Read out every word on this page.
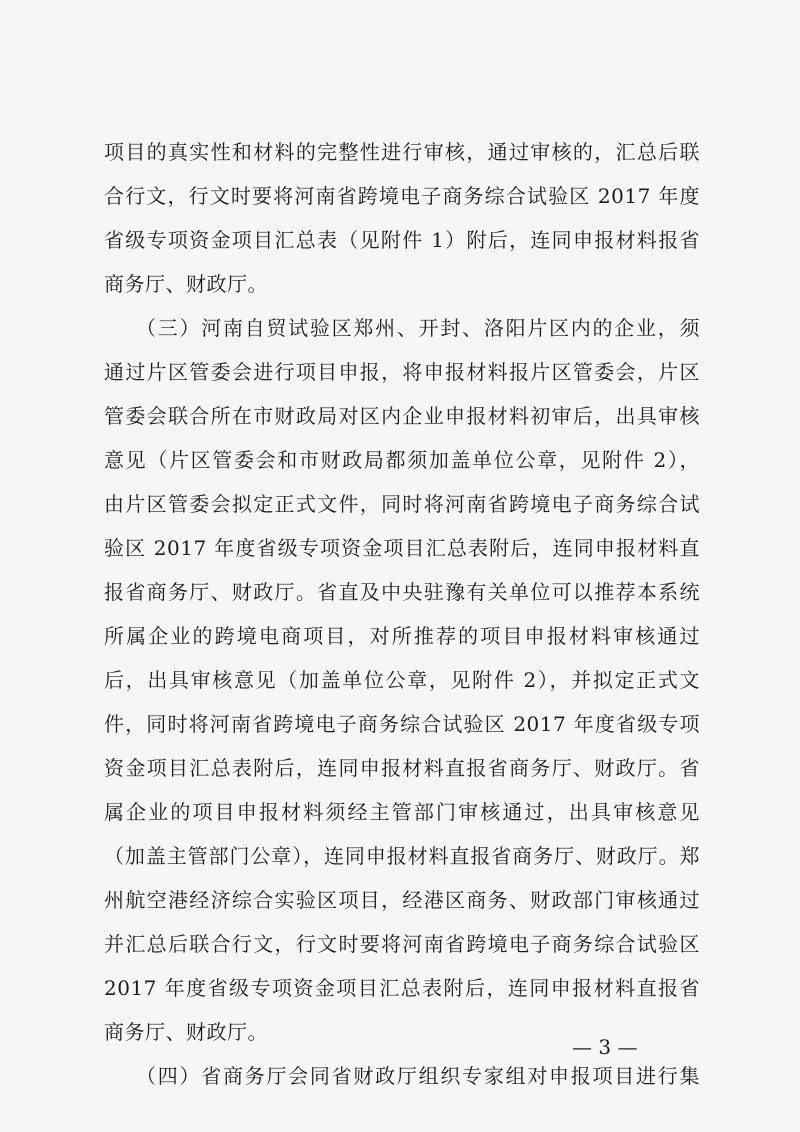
项目的真实性和材料的完整性进行审核，通过审核的，汇总后联
合行文，行文时要将河南省跨境电子商务综合试验区 2017 年度
省级专项资金项目汇总表（见附件 1）附后，连同申报材料报省
商务厅、财政厅。
（三）河南自贸试验区郑州、开封、洛阳片区内的企业，须
通过片区管委会进行项目申报，将申报材料报片区管委会，片区
管委会联合所在市财政局对区内企业申报材料初审后，出具审核
意见（片区管委会和市财政局都须加盖单位公章，见附件 2），
由片区管委会拟定正式文件，同时将河南省跨境电子商务综合试
验区 2017 年度省级专项资金项目汇总表附后，连同申报材料直
报省商务厅、财政厅。省直及中央驻豫有关单位可以推荐本系统
所属企业的跨境电商项目，对所推荐的项目申报材料审核通过
后，出具审核意见（加盖单位公章，见附件 2），并拟定正式文
件，同时将河南省跨境电子商务综合试验区 2017 年度省级专项
资金项目汇总表附后，连同申报材料直报省商务厅、财政厅。省
属企业的项目申报材料须经主管部门审核通过，出具审核意见
（加盖主管部门公章），连同申报材料直报省商务厅、财政厅。郑
州航空港经济综合实验区项目，经港区商务、财政部门审核通过
并汇总后联合行文，行文时要将河南省跨境电子商务综合试验区
2017 年度省级专项资金项目汇总表附后，连同申报材料直报省
商务厅、财政厅。
（四）省商务厅会同省财政厅组织专家组对申报项目进行集
— 3 —
